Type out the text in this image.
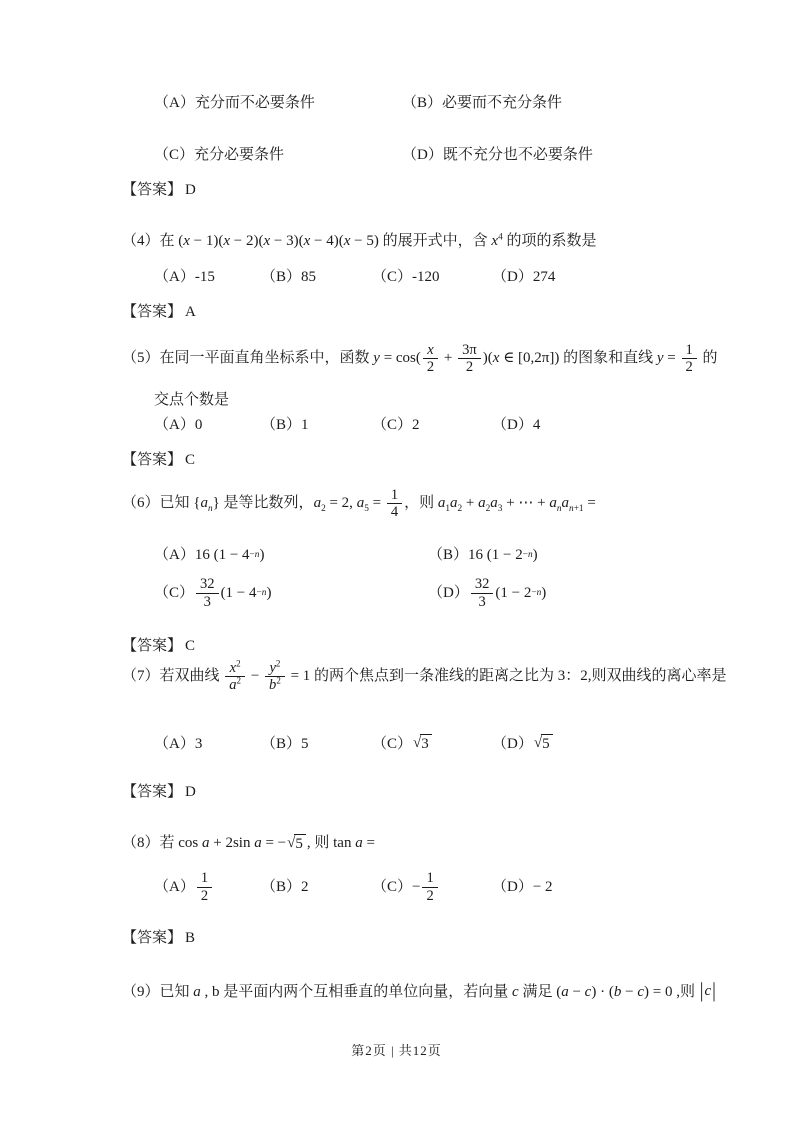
（A）充分而不必要条件	（B）必要而不充分条件
（C）充分必要条件	（D）既不充分也不必要条件
【答案】 D
（4）在 (x − 1)(x − 2)(x − 3)(x − 4)(x − 5) 的展开式中，含 $x^4$ 的项的系数是
（A）-15	（B）85	（C）-120	（D）274
【答案】 A
（5）在同一平面直角坐标系中，函数 $y = \cos( \frac{x}{2} + \frac{3\pi}{2} )(x$ ∈ [0,2π]) 的图象和直线 $y = \frac{1}{2}$ 的
交点个数是
（A）0	（B）1	（C）2	（D）4
【答案】 C
（6）已知 $\{a_n\}$ 是等比数列，$a_2 = 2$, $a_5 = \frac{1}{4}$ ，则 $a_1a_2 + a_2a_3$ + ⋯ + $a_na_{n+1}$ =
（A）16 (1 − 4 −n )	（B）16 (1 − 2 −n )
$(C) \frac{32}{3} (1 - 4 -n$ )	$(D) \frac{32}{3} (1 - 2 -n$ )
【答案】 C
（7）若双曲线 $\frac{x^2}{a^2} - \frac{y^2}{b^2} = 1$ 的两个焦点到一条准线的距离之比为 3：2,则双曲线的离心率是
（A）3	（B）5	（C） √ 3	（D） √ 5
【答案】 D
（8）若 cos a + 2sin a = − √ 5 , 则 tan a =
$(A) \frac{1}{2}$	（B）2	$(C)- \frac{1}{2}$	（D）− 2
【答案】 B
（9）已知 a , b 是平面内两个互相垂直的单位向量，若向量 c 满足 (a − c) · (b − c) = 0 ,则 | c |
第2页 | 共12页
